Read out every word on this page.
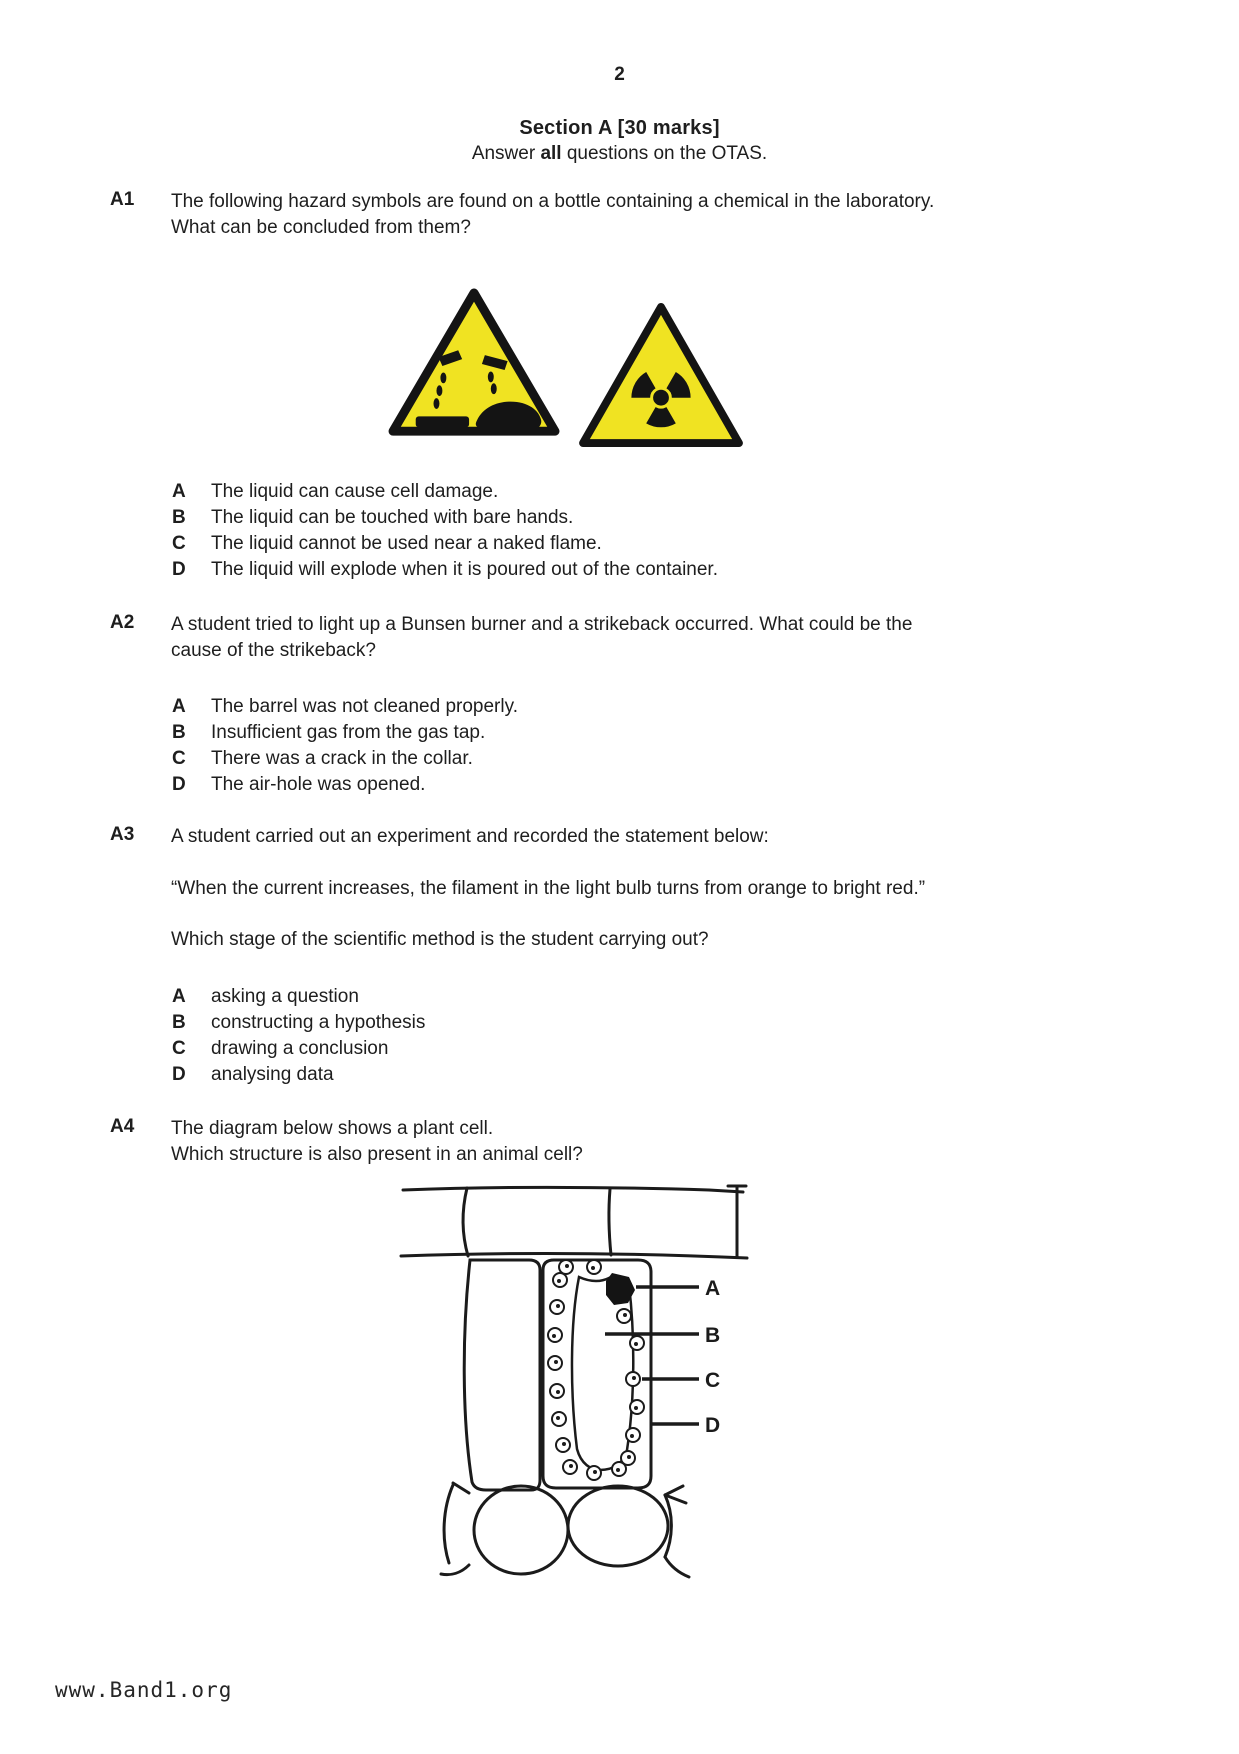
2
Section A [30 marks]
Answer all questions on the OTAS.
A1 The following hazard symbols are found on a bottle containing a chemical in the laboratory.
What can be concluded from them?
A The liquid can cause cell damage.
B The liquid can be touched with bare hands.
C The liquid cannot be used near a naked flame.
D The liquid will explode when it is poured out of the container.
A2 A student tried to light up a Bunsen burner and a strikeback occurred. What could be the
cause of the strikeback?
A The barrel was not cleaned properly.
B Insufficient gas from the gas tap.
C There was a crack in the collar.
D The air-hole was opened.
A3 A student carried out an experiment and recorded the statement below:
“When the current increases, the filament in the light bulb turns from orange to bright red.”
Which stage of the scientific method is the student carrying out?
A asking a question
B constructing a hypothesis
C drawing a conclusion
D analysing data
A4 The diagram below shows a plant cell.
Which structure is also present in an animal cell?
A
B
C
D
www.Band1.org
